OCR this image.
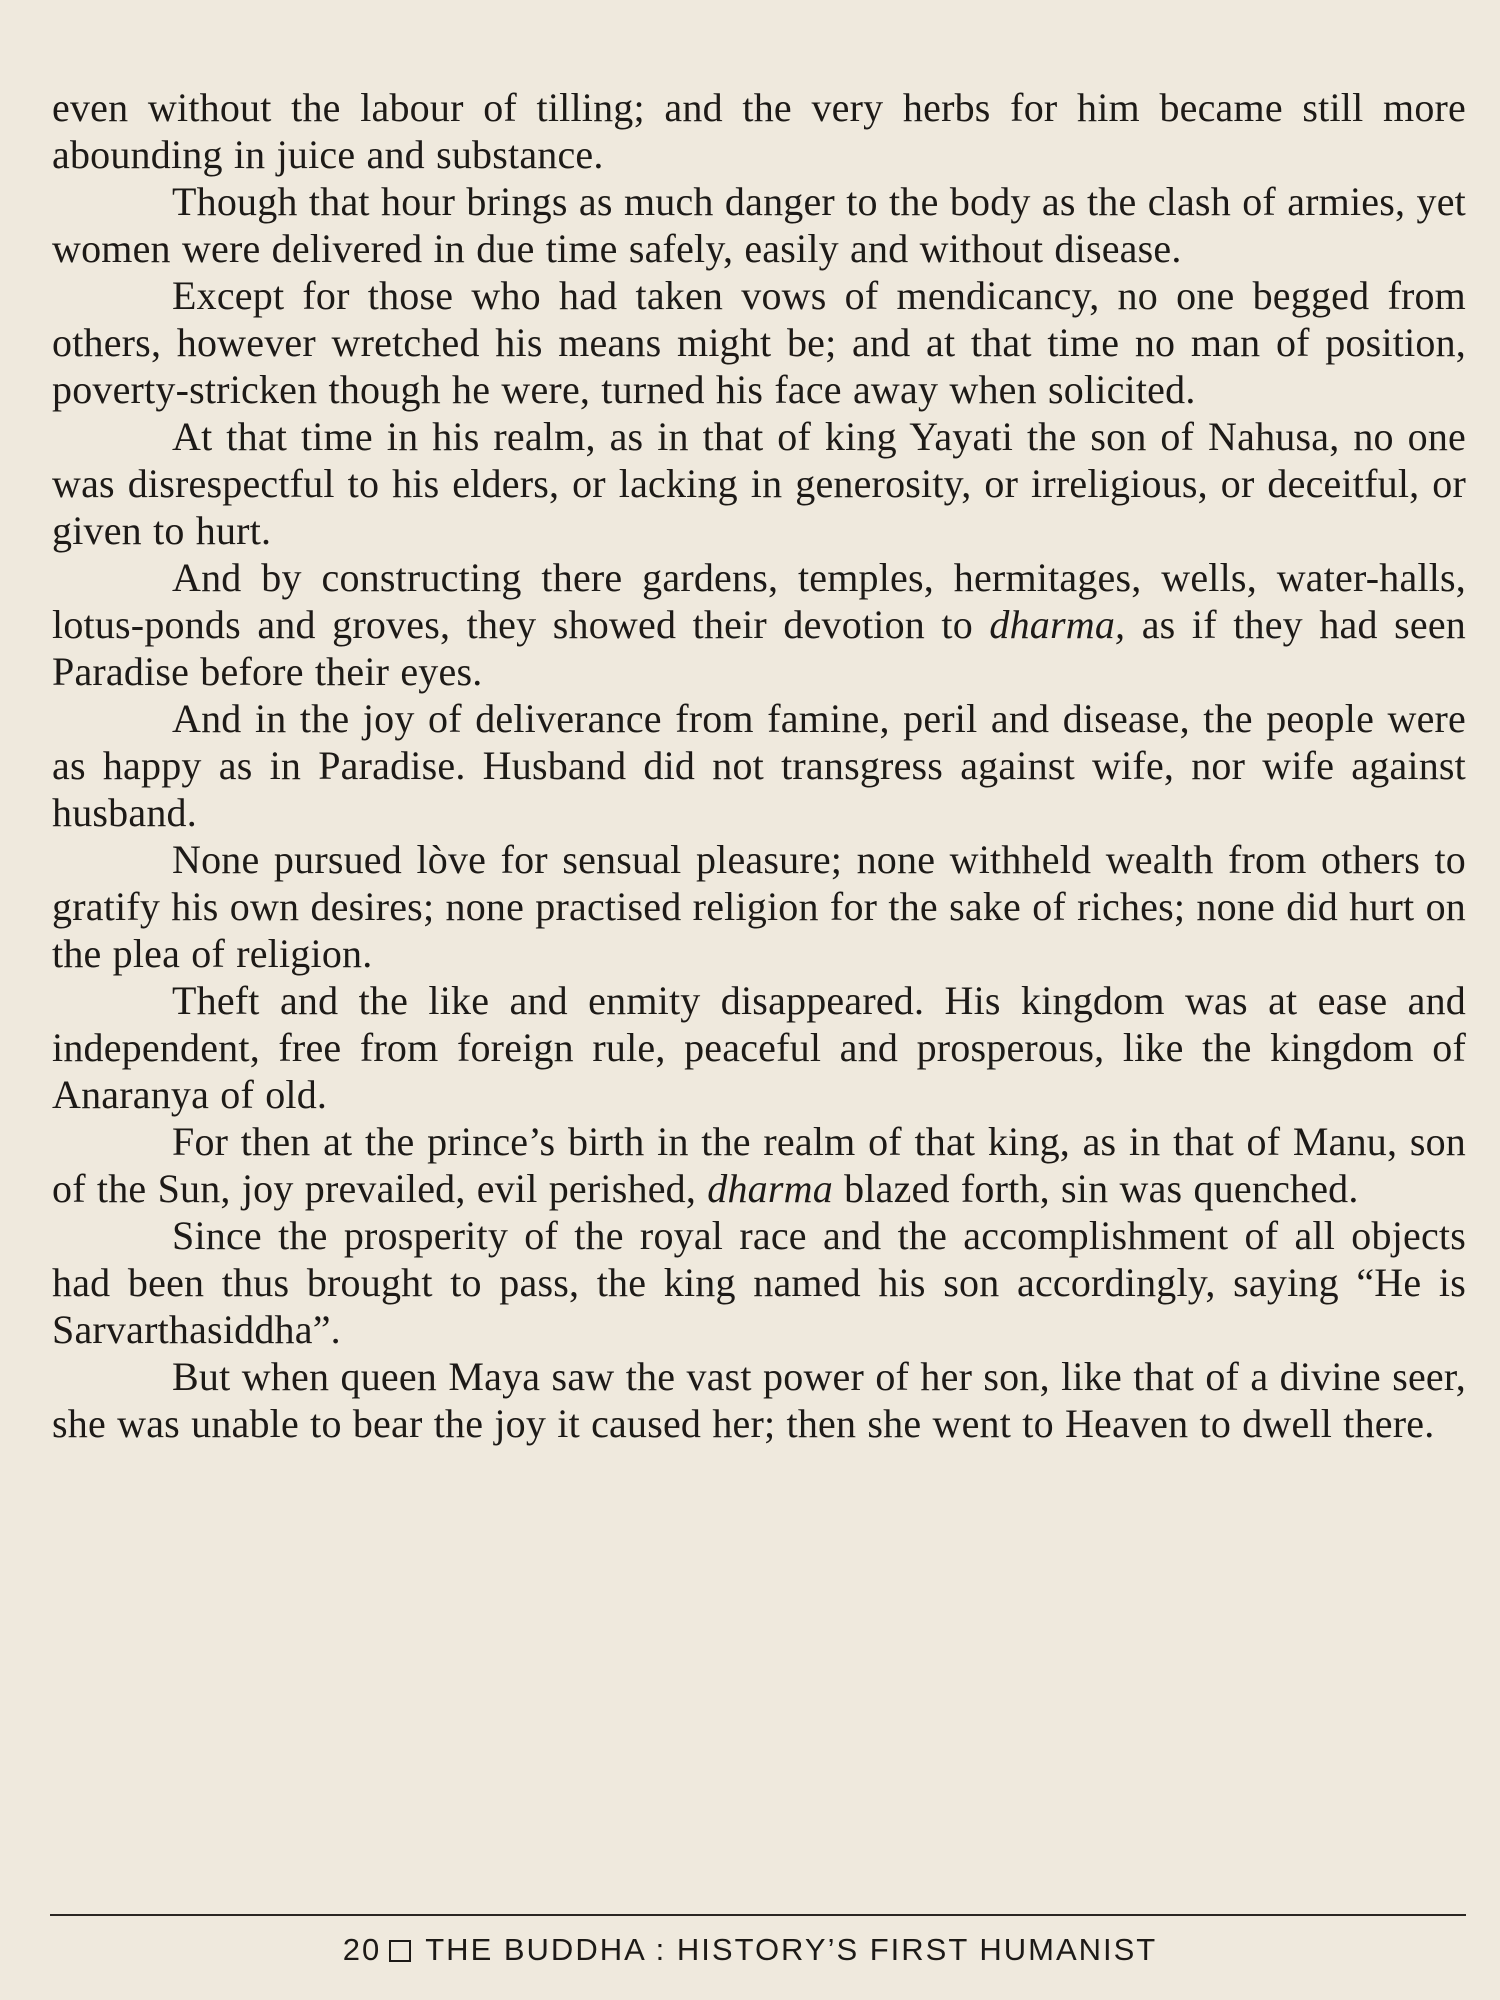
even without the labour of tilling; and the very herbs for him became still more abounding in juice and substance.

Though that hour brings as much danger to the body as the clash of armies, yet women were delivered in due time safely, easily and without disease.

Except for those who had taken vows of mendicancy, no one begged from others, however wretched his means might be; and at that time no man of position, poverty-stricken though he were, turned his face away when solicited.

At that time in his realm, as in that of king Yayati the son of Nahusa, no one was disrespectful to his elders, or lacking in generosity, or irreligious, or deceitful, or given to hurt.

And by constructing there gardens, temples, hermitages, wells, water-halls, lotus-ponds and groves, they showed their devotion to dharma, as if they had seen Paradise before their eyes.

And in the joy of deliverance from famine, peril and disease, the people were as happy as in Paradise. Husband did not transgress against wife, nor wife against husband.

None pursued lòve for sensual pleasure; none withheld wealth from others to gratify his own desires; none practised religion for the sake of riches; none did hurt on the plea of religion.

Theft and the like and enmity disappeared. His kingdom was at ease and independent, free from foreign rule, peaceful and prosperous, like the kingdom of Anaranya of old.

For then at the prince’s birth in the realm of that king, as in that of Manu, son of the Sun, joy prevailed, evil perished, dharma blazed forth, sin was quenched.

Since the prosperity of the royal race and the accomplishment of all objects had been thus brought to pass, the king named his son accordingly, saying “He is Sarvarthasiddha”.

But when queen Maya saw the vast power of her son, like that of a divine seer, she was unable to bear the joy it caused her; then she went to Heaven to dwell there.

20 THE BUDDHA : HISTORY’S FIRST HUMANIST
